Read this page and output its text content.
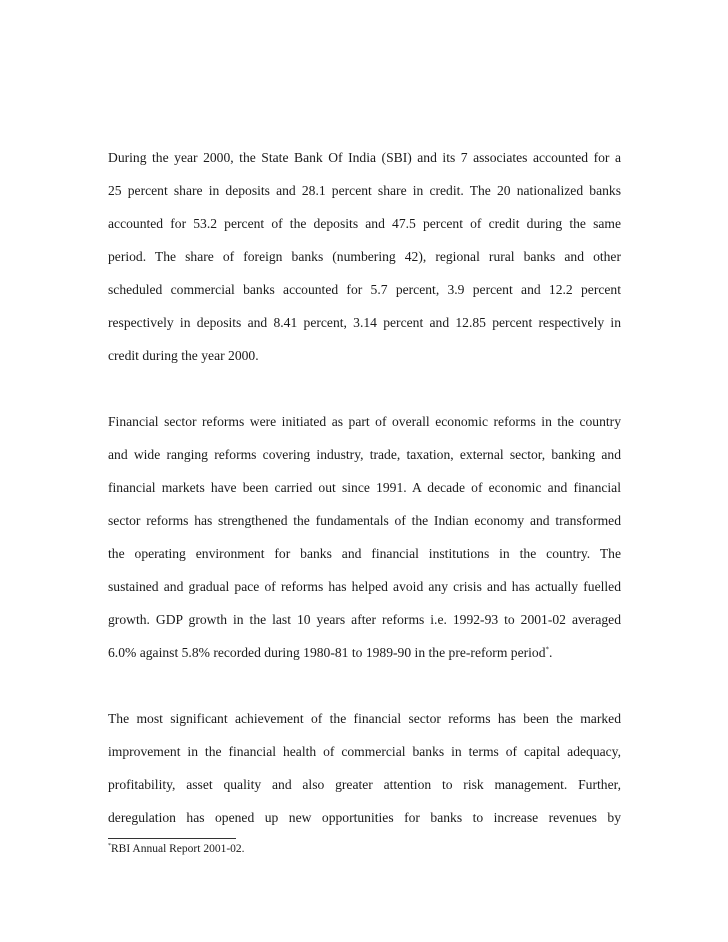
During the year 2000, the State Bank Of India (SBI) and its 7 associates accounted for a
25 percent share in deposits and 28.1 percent share in credit. The 20 nationalized banks
accounted for 53.2 percent of the deposits and 47.5 percent of credit during the same
period. The share of foreign banks (numbering 42), regional rural banks and other
scheduled commercial banks accounted for 5.7 percent, 3.9 percent and 12.2 percent
respectively in deposits and 8.41 percent, 3.14 percent and 12.85 percent respectively in
credit during the year 2000.

Financial sector reforms were initiated as part of overall economic reforms in the country
and wide ranging reforms covering industry, trade, taxation, external sector, banking and
financial markets have been carried out since 1991. A decade of economic and financial
sector reforms has strengthened the fundamentals of the Indian economy and transformed
the operating environment for banks and financial institutions in the country. The
sustained and gradual pace of reforms has helped avoid any crisis and has actually fuelled
growth. GDP growth in the last 10 years after reforms i.e. 1992-93 to 2001-02 averaged
6.0% against 5.8% recorded during 1980-81 to 1989-90 in the pre-reform period*.

The most significant achievement of the financial sector reforms has been the marked
improvement in the financial health of commercial banks in terms of capital adequacy,
profitability, asset quality and also greater attention to risk management. Further,
deregulation has opened up new opportunities for banks to increase revenues by

*RBI Annual Report 2001-02.
